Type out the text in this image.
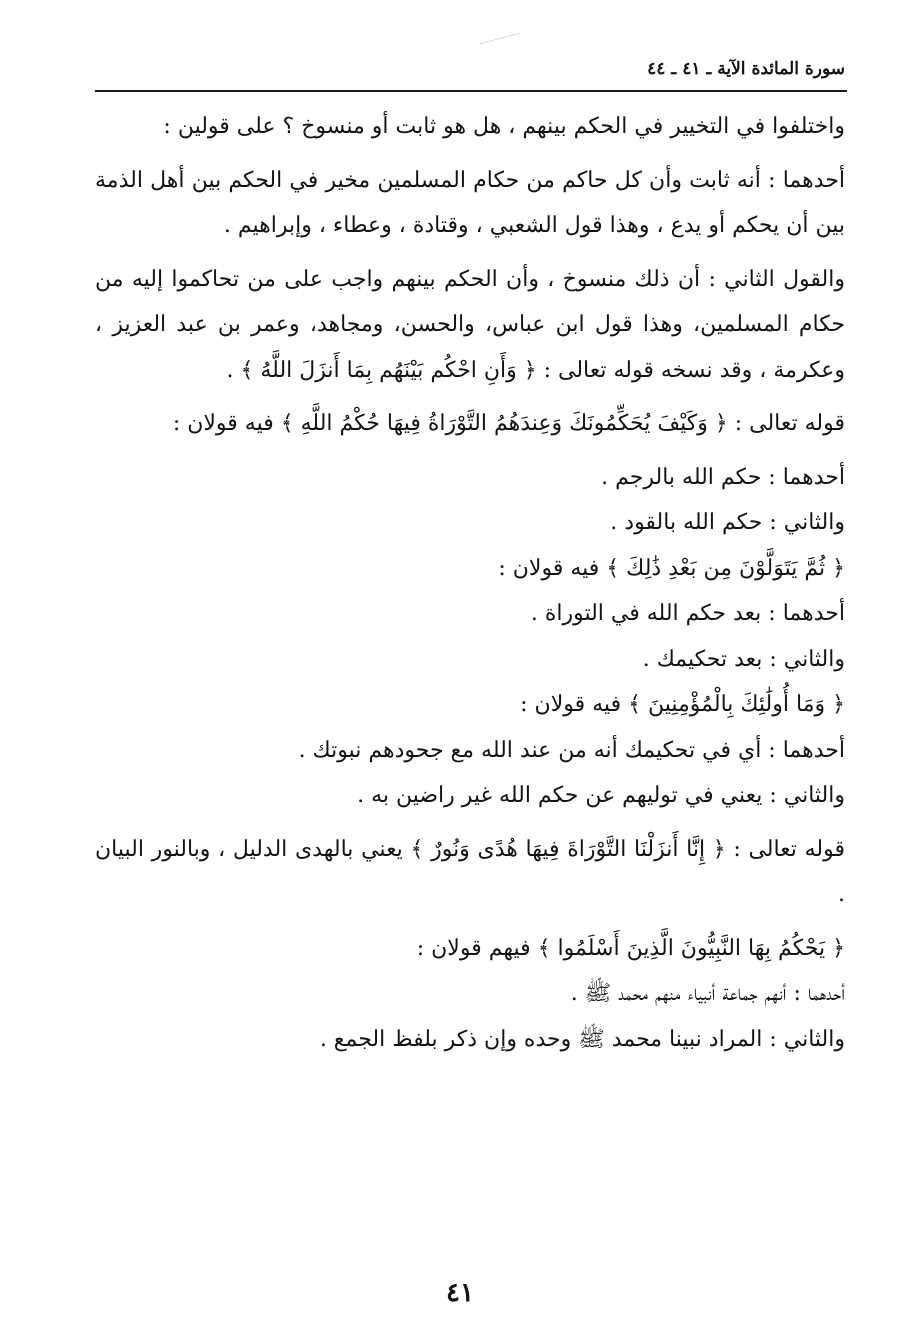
سورة المائدة الآية ـ ٤١ ـ ٤٤

واختلفوا في التخيير في الحكم بينهم ، هل هو ثابت أو منسوخ ؟ على قولين :

أحدهما : أنه ثابت وأن كل حاكم من حكام المسلمين مخير في الحكم بين أهل الذمة بين أن يحكم أو يدع ، وهذا قول الشعبي ، وقتادة ، وعطاء ، وإبراهيم .

والقول الثاني : أن ذلك منسوخ ، وأن الحكم بينهم واجب على من تحاكموا إليه من حكام المسلمين، وهذا قول ابن عباس، والحسن، ومجاهد، وعمر بن عبد العزيز ، وعكرمة ، وقد نسخه قوله تعالى : ﴿ وَأَنِ احْكُم بَيْنَهُم بِمَا أَنزَلَ اللَّهُ ﴾ .

قوله تعالى : ﴿ وَكَيْفَ يُحَكِّمُونَكَ وَعِندَهُمُ التَّوْرَاةُ فِيهَا حُكْمُ اللَّهِ ﴾ فيه قولان :

أحدهما : حكم الله بالرجم .

والثاني : حكم الله بالقود .

﴿ ثُمَّ يَتَوَلَّوْنَ مِن بَعْدِ ذَٰلِكَ ﴾ فيه قولان :

أحدهما : بعد حكم الله في التوراة .

والثاني : بعد تحكيمك .

﴿ وَمَا أُولَٰئِكَ بِالْمُؤْمِنِينَ ﴾ فيه قولان :

أحدهما : أي في تحكيمك أنه من عند الله مع جحودهم نبوتك .

والثاني : يعني في توليهم عن حكم الله غير راضين به .

قوله تعالى : ﴿ إِنَّا أَنزَلْنَا التَّوْرَاةَ فِيهَا هُدًى وَنُورٌ ﴾ يعني بالهدى الدليل ، وبالنور البيان .

﴿ يَحْكُمُ بِهَا النَّبِيُّونَ الَّذِينَ أَسْلَمُوا ﴾ فيهم قولان :

أحدهما : أنهم جماعة أنبياء منهم محمد ﷺ .

والثاني : المراد نبينا محمد ﷺ وحده وإن ذكر بلفظ الجمع .

٤١
